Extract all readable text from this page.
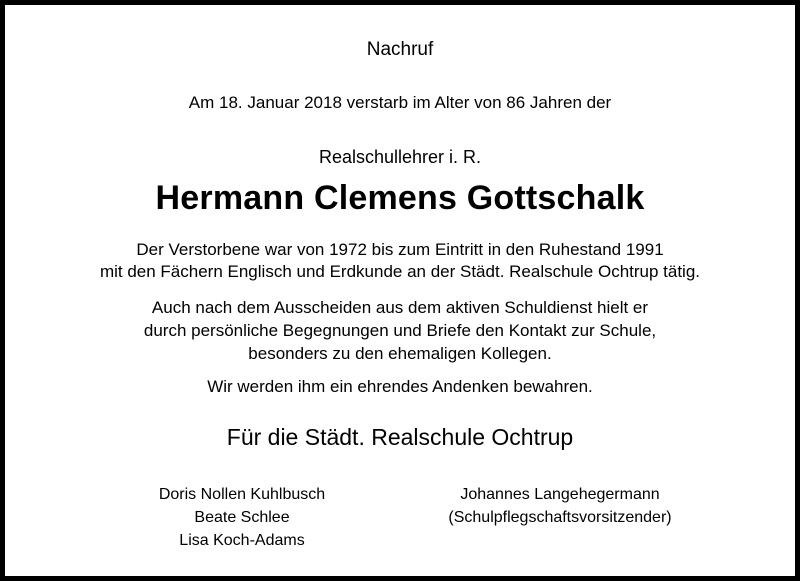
Nachruf
Am 18. Januar 2018 verstarb im Alter von 86 Jahren der
Realschullehrer i. R.
Hermann Clemens Gottschalk
Der Verstorbene war von 1972 bis zum Eintritt in den Ruhestand 1991
mit den Fächern Englisch und Erdkunde an der Städt. Realschule Ochtrup tätig.
Auch nach dem Ausscheiden aus dem aktiven Schuldienst hielt er
durch persönliche Begegnungen und Briefe den Kontakt zur Schule,
besonders zu den ehemaligen Kollegen.
Wir werden ihm ein ehrendes Andenken bewahren.
Für die Städt. Realschule Ochtrup
Doris Nollen Kuhlbusch
Beate Schlee
Lisa Koch-Adams
Johannes Langehegermann
(Schulpflegschaftsvorsitzender)
